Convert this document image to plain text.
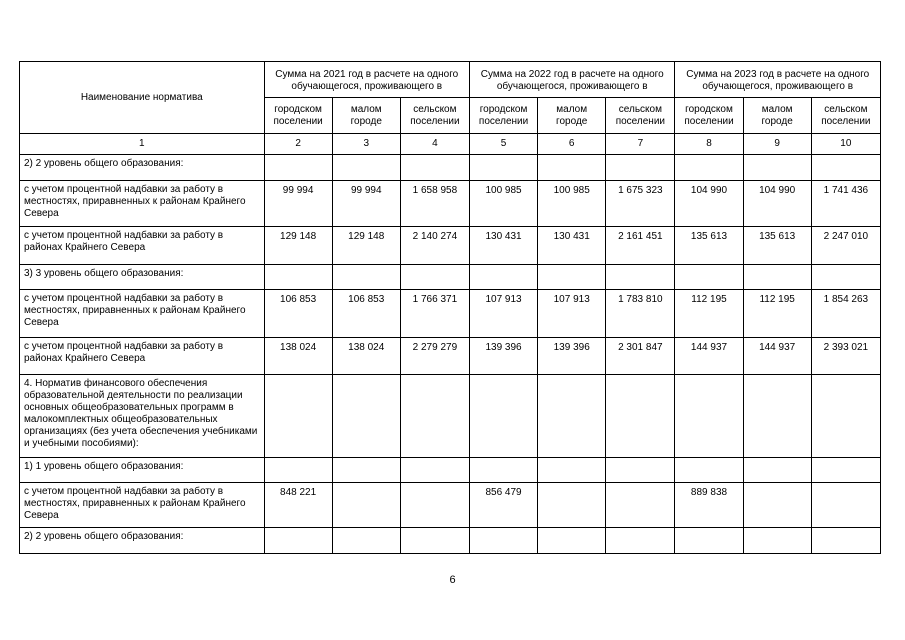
Наименование норматива	Сумма на 2021 год в расчете на одного обучающегося, проживающего в			Сумма на 2022 год в расчете на одного обучающегося, проживающего в			Сумма на 2023 год в расчете на одного обучающегося, проживающего в		
	городском поселении	малом городе	сельском поселении	городском поселении	малом городе	сельском поселении	городском поселении	малом городе	сельском поселении
1	2	3	4	5	6	7	8	9	10
2) 2 уровень общего образования:									
с учетом процентной надбавки за работу в местностях, приравненных к районам Крайнего Севера	99 994	99 994	1 658 958	100 985	100 985	1 675 323	104 990	104 990	1 741 436
с учетом процентной надбавки за работу в районах Крайнего Севера	129 148	129 148	2 140 274	130 431	130 431	2 161 451	135 613	135 613	2 247 010
3) 3 уровень общего образования:									
с учетом процентной надбавки за работу в местностях, приравненных к районам Крайнего Севера	106 853	106 853	1 766 371	107 913	107 913	1 783 810	112 195	112 195	1 854 263
с учетом процентной надбавки за работу в районах Крайнего Севера	138 024	138 024	2 279 279	139 396	139 396	2 301 847	144 937	144 937	2 393 021
4. Норматив финансового обеспечения образовательной деятельности по реализации основных общеобразовательных программ в малокомплектных общеобразовательных организациях (без учета обеспечения учебниками и учебными пособиями):									
1) 1 уровень общего образования:									
с учетом процентной надбавки за работу в местностях, приравненных к районам Крайнего Севера	848 221			856 479			889 838		
2) 2 уровень общего образования:									
6
